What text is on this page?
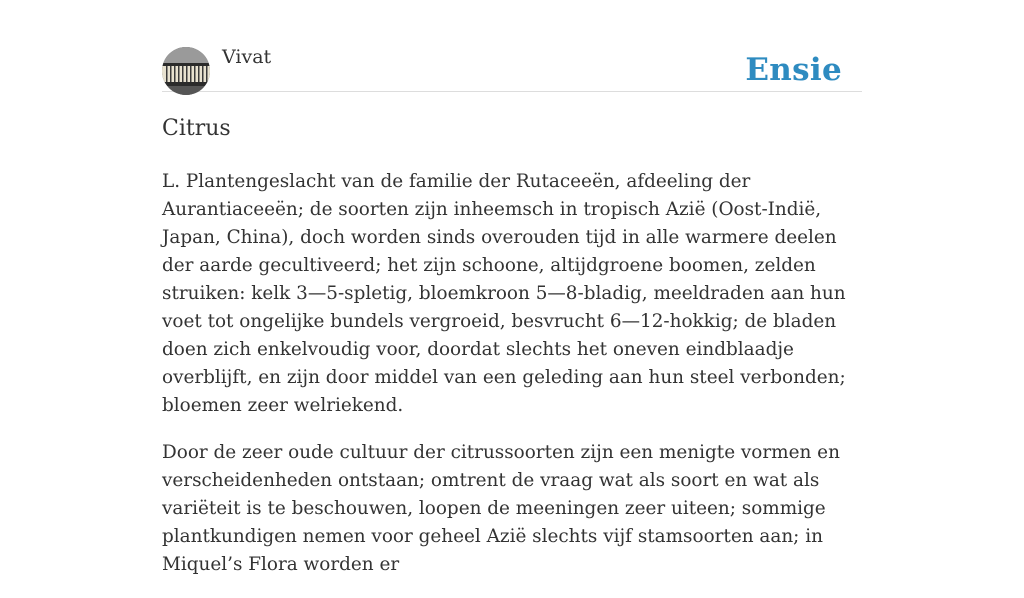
Vivat	Ensie
Citrus

L. Plantengeslacht van de familie der Rutaceeën, afdeeling der Aurantiaceeën; de soorten zijn inheemsch in tropisch Azië (Oost-Indië, Japan, China), doch worden sinds overouden tijd in alle warmere deelen der aarde gecultiveerd; het zijn schoone, altijdgroene boomen, zelden struiken: kelk 3—5-spletig, bloemkroon 5—8-bladig, meeldraden aan hun voet tot ongelijke bundels vergroeid, besvrucht 6—12-hokkig; de bladen doen zich enkelvoudig voor, doordat slechts het oneven eindblaadje overblijft, en zijn door middel van een geleding aan hun steel verbonden; bloemen zeer welriekend.

Door de zeer oude cultuur der citrussoorten zijn een menigte vormen en verscheidenheden ontstaan; omtrent de vraag wat als soort en wat als variëteit is te beschouwen, loopen de meeningen zeer uiteen; sommige plantkundigen nemen voor geheel Azië slechts vijf stamsoorten aan; in Miquel’s Flora worden er
